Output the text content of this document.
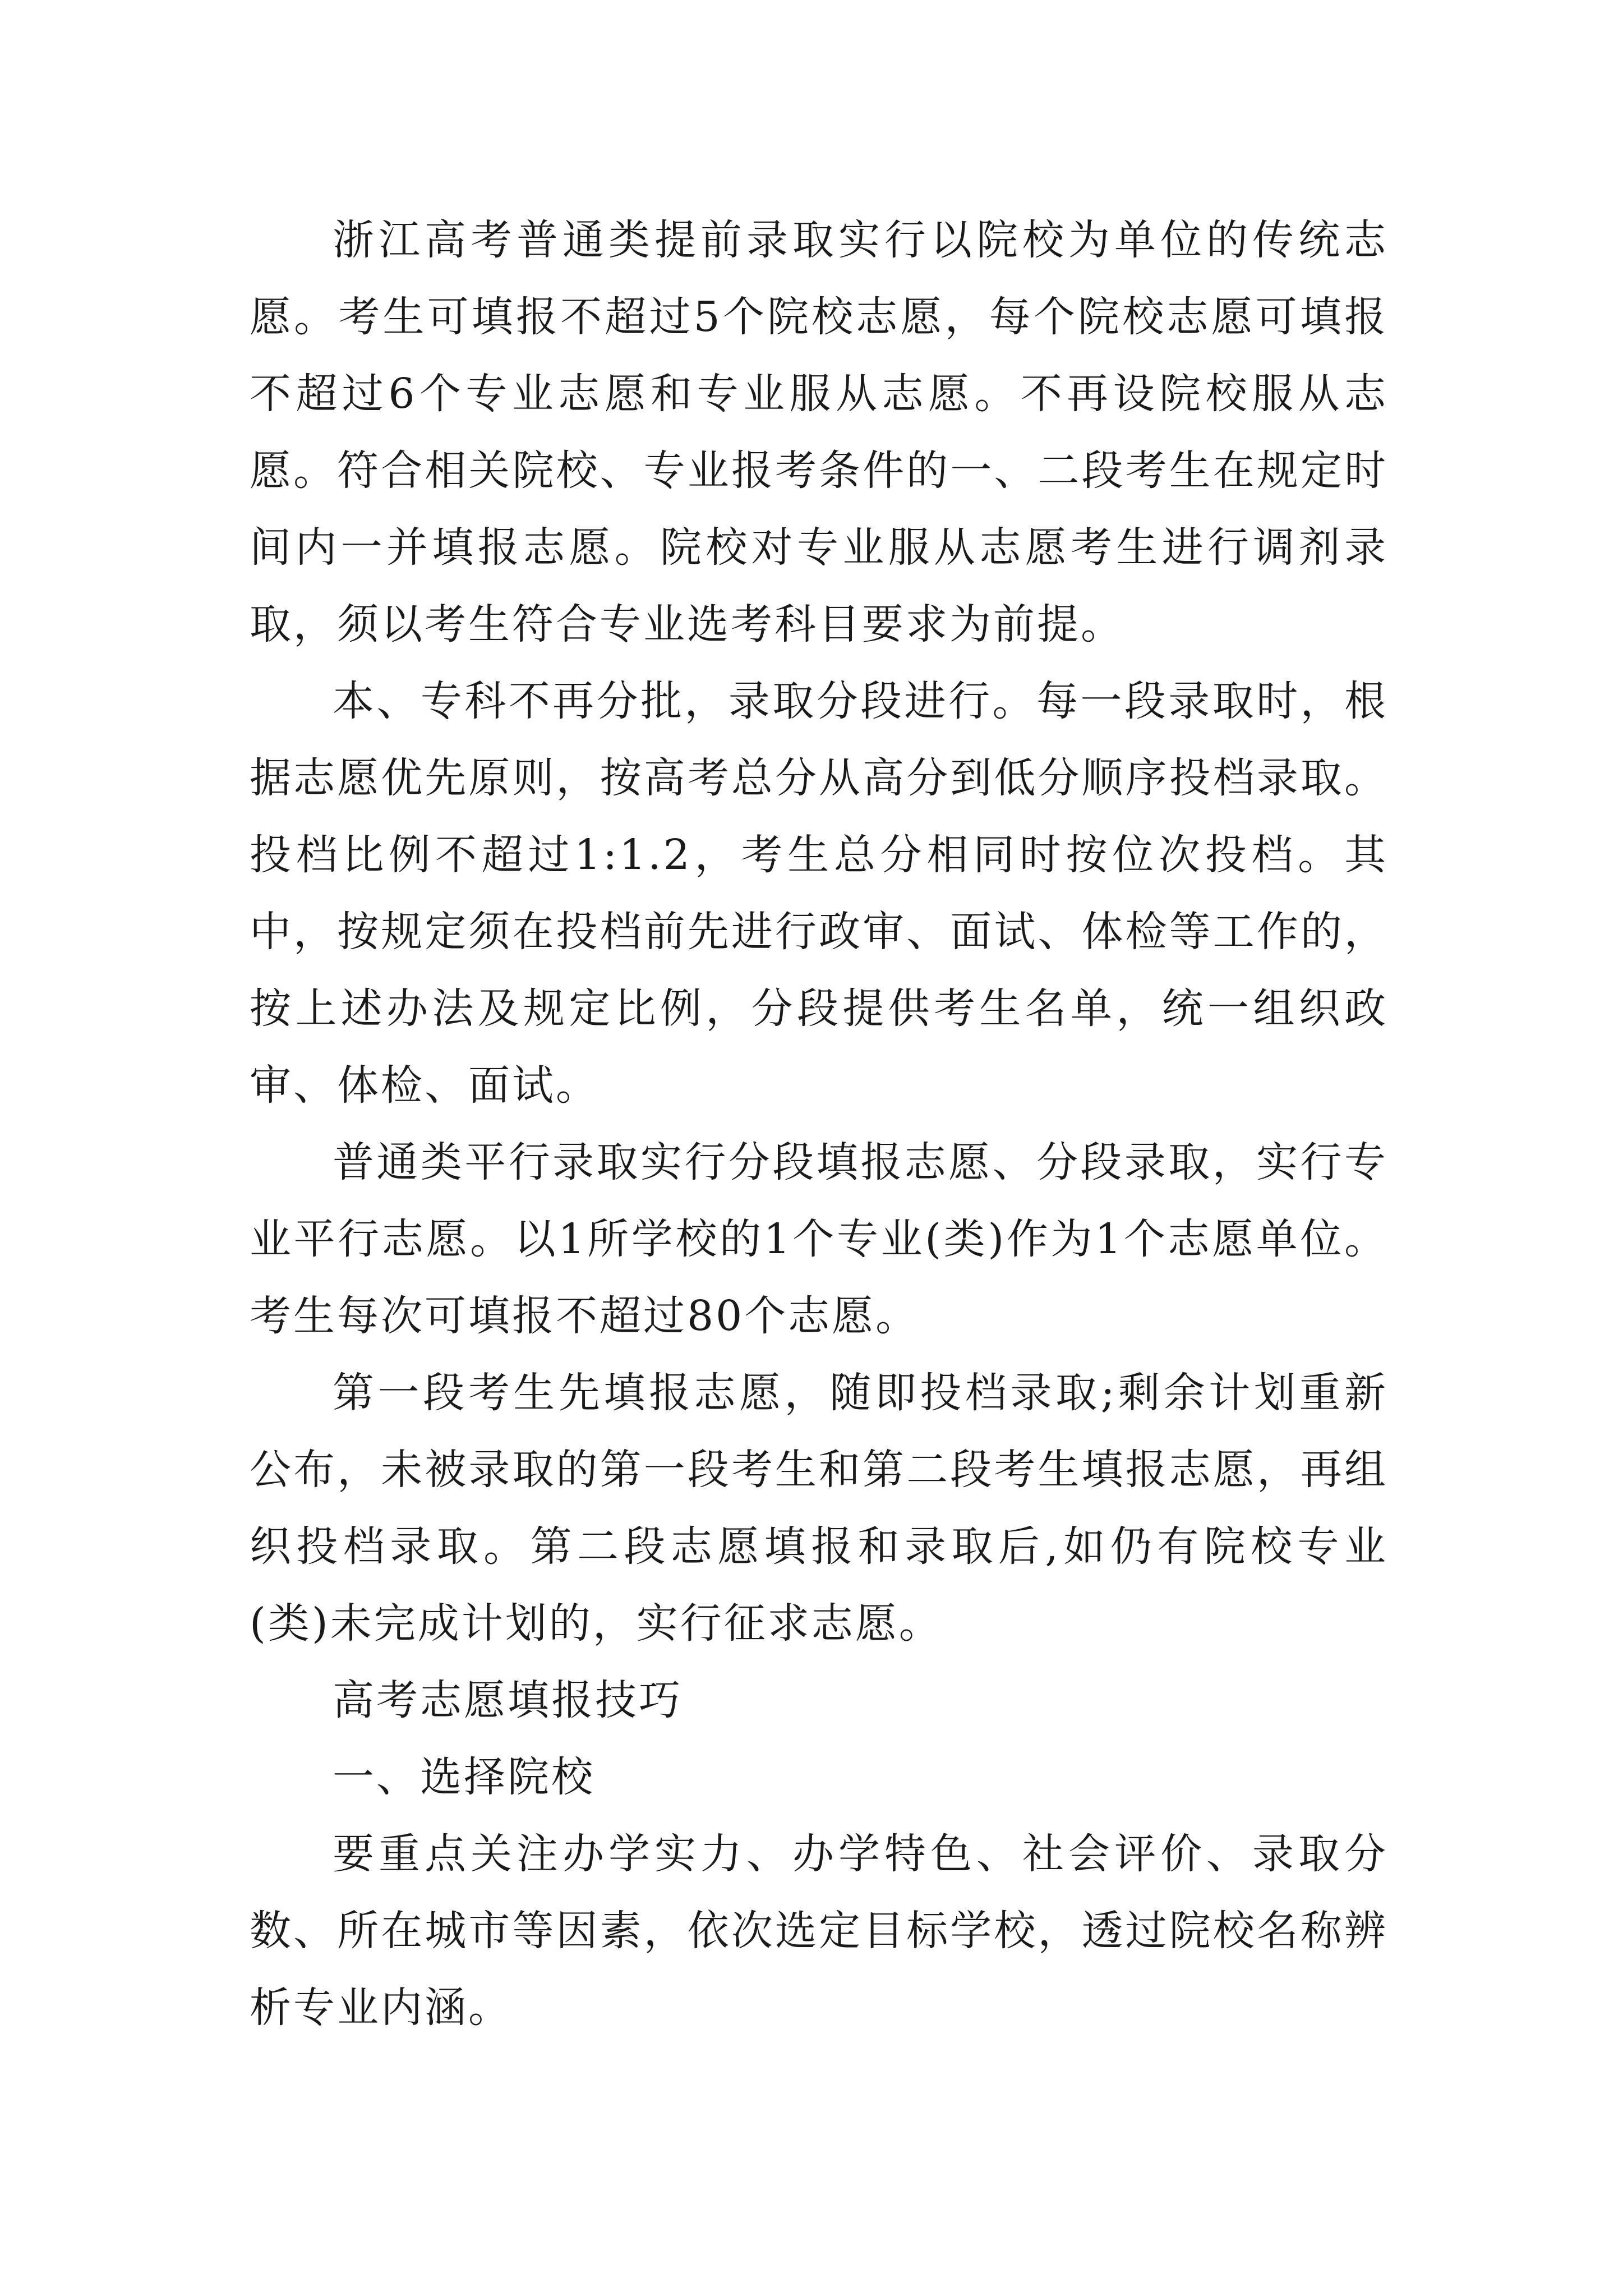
浙江高考普通类提前录取实行以院校为单位的传统志愿。考生可填报不超过5个院校志愿，每个院校志愿可填报不超过6个专业志愿和专业服从志愿。不再设院校服从志愿。符合相关院校、专业报考条件的一、二段考生在规定时间内一并填报志愿。院校对专业服从志愿考生进行调剂录取，须以考生符合专业选考科目要求为前提。

本、专科不再分批，录取分段进行。每一段录取时，根据志愿优先原则，按高考总分从高分到低分顺序投档录取。投档比例不超过1:1.2，考生总分相同时按位次投档。其中，按规定须在投档前先进行政审、面试、体检等工作的，按上述办法及规定比例，分段提供考生名单，统一组织政审、体检、面试。

普通类平行录取实行分段填报志愿、分段录取，实行专业平行志愿。以1所学校的1个专业(类)作为1个志愿单位。考生每次可填报不超过80个志愿。

第一段考生先填报志愿，随即投档录取;剩余计划重新公布，未被录取的第一段考生和第二段考生填报志愿，再组织投档录取。第二段志愿填报和录取后,如仍有院校专业(类)未完成计划的，实行征求志愿。

高考志愿填报技巧

一、选择院校

要重点关注办学实力、办学特色、社会评价、录取分数、所在城市等因素，依次选定目标学校，透过院校名称辨析专业内涵。
